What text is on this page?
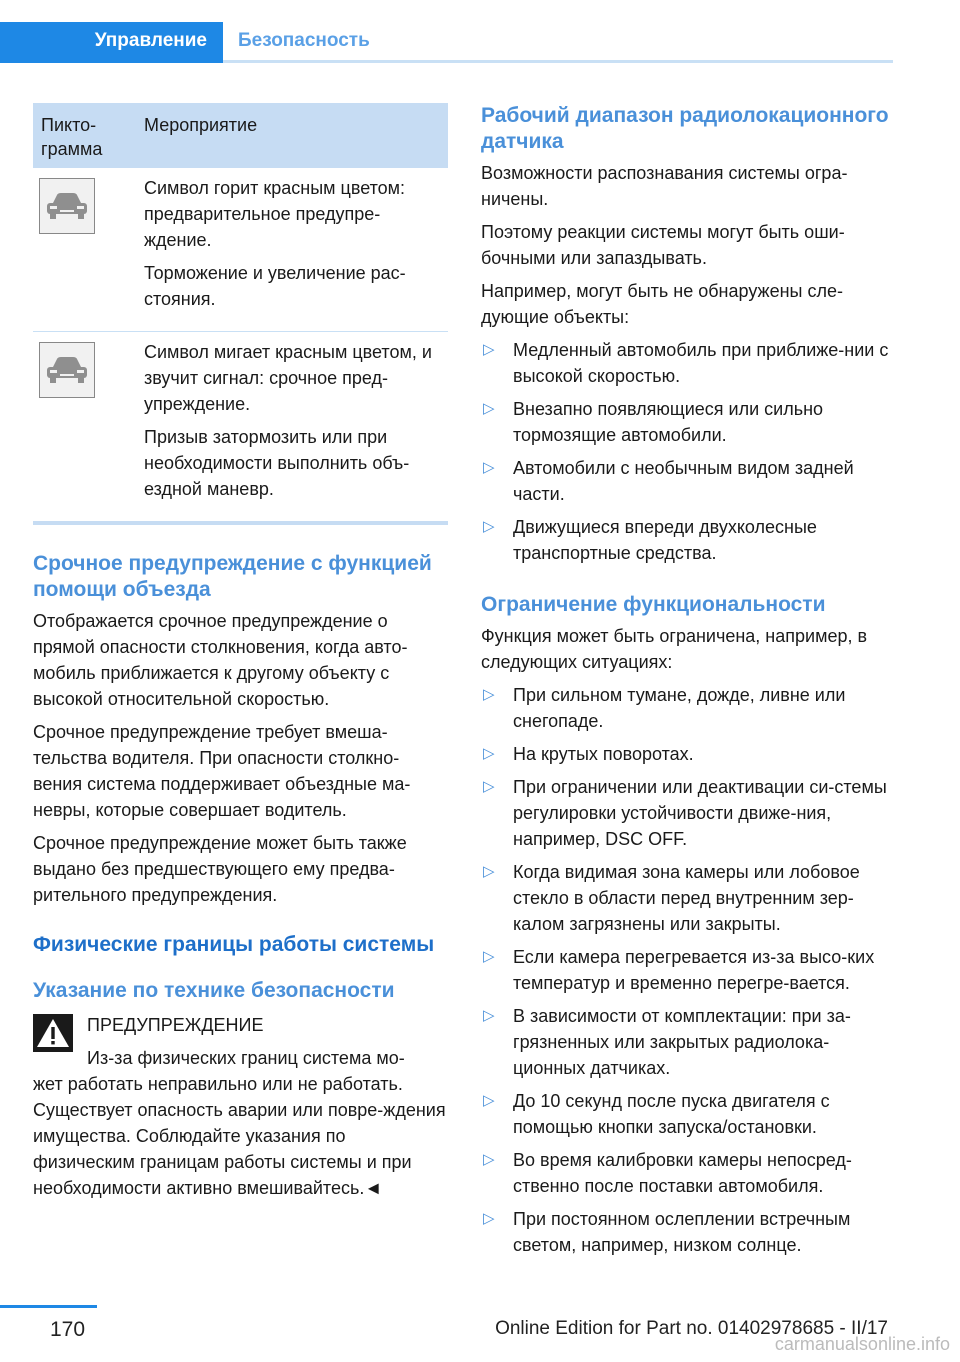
Управление	Безопасность
Пикто-
грамма	Мероприятие

Символ горит красным цветом: предварительное предупре-ждение.

Торможение и увеличение рас-стояния.

Символ мигает красным цветом, и звучит сигнал: срочное пред-упреждение.

Призыв затормозить или при необходимости выполнить объ-ездной маневр.

Срочное предупреждение с функцией помощи объезда

Отображается срочное предупреждение о прямой опасности столкновения, когда авто-мобиль приближается к другому объекту с высокой относительной скоростью.

Срочное предупреждение требует вмеша-тельства водителя. При опасности столкно-вения система поддерживает объездные ма-невры, которые совершает водитель.

Срочное предупреждение может быть также выдано без предшествующего ему предва-рительного предупреждения.

Физические границы работы системы
Указание по технике безопасности

ПРЕДУПРЕЖДЕНИЕ

Из-за физических границ система мо-

жет работать неправильно или не работать. Существует опасность аварии или повре-ждения имущества. Соблюдайте указания по физическим границам работы системы и при необходимости активно вмешивайтесь.◄

Рабочий диапазон радиолокационного датчика

Возможности распознавания системы огра-ничены.

Поэтому реакции системы могут быть оши-бочными или запаздывать.

Например, могут быть не обнаружены сле-дующие объекты:

▷ Медленный автомобиль при приближе-нии с высокой скоростью.
▷ Внезапно появляющиеся или сильно тормозящие автомобили.
▷ Автомобили с необычным видом задней части.
▷ Движущиеся впереди двухколесные транспортные средства.
Ограничение функциональности

Функция может быть ограничена, например, в следующих ситуациях:

▷ При сильном тумане, дожде, ливне или снегопаде.
▷ На крутых поворотах.
▷ При ограничении или деактивации си-стемы регулировки устойчивости движе-ния, например, DSC OFF.
▷ Когда видимая зона камеры или лобовое стекло в области перед внутренним зер-калом загрязнены или закрыты.
▷ Если камера перегревается из-за высо-ких температур и временно перегре-вается.
▷ В зависимости от комплектации: при за-грязненных или закрытых радиолока-ционных датчиках.
▷ До 10 секунд после пуска двигателя с помощью кнопки запуска/остановки.
▷ Во время калибровки камеры непосред-ственно после поставки автомобиля.
▷ При постоянном ослеплении встречным светом, например, низком солнце.
170	Online Edition for Part no. 01402978685 - II/17
carmanualsonline.info
